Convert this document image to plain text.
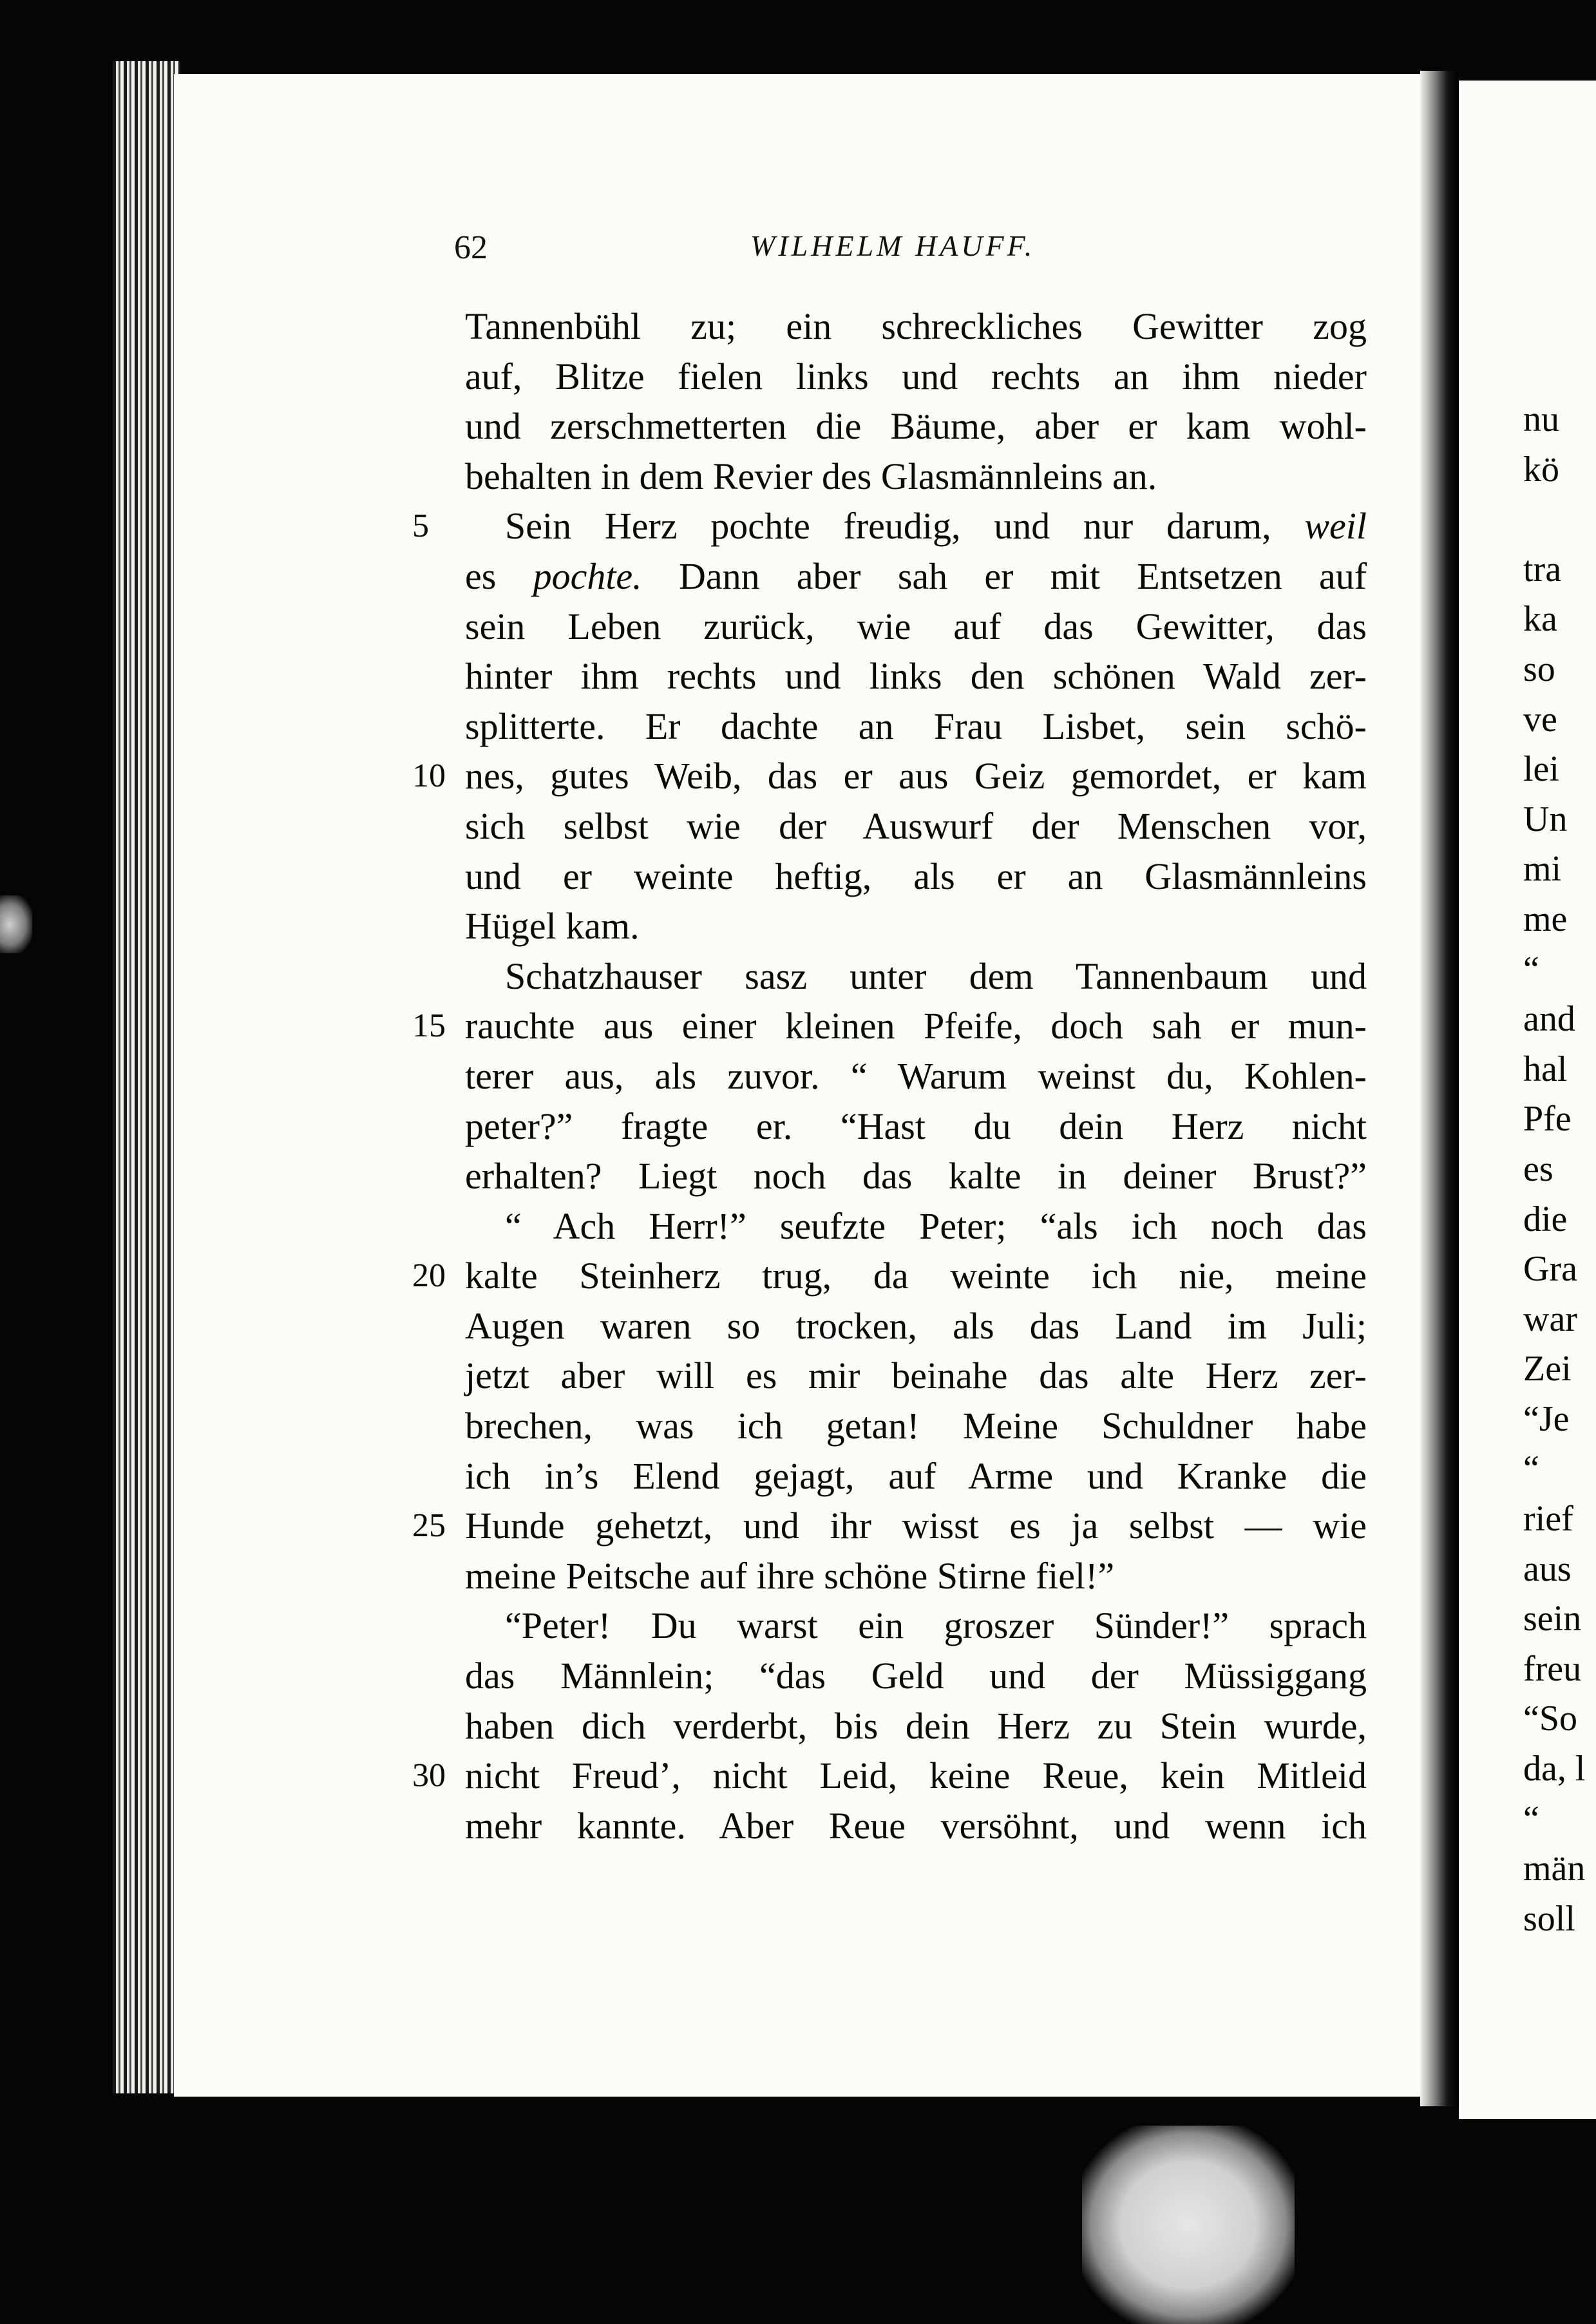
nu
kö
tra
ka
so
ve
lei
Un
mi
me
“
and
hal
Pfe
es
die
Gra
war
Zei
“Je
“
rief
aus
sein
freu
“So
da, l
“
män
soll
62	WILHELM HAUFF.
Tannenbühl zu; ein schreckliches Gewitter zog
auf, Blitze fielen links und rechts an ihm nieder
und zerschmetterten die Bäume, aber er kam wohl-
behalten in dem Revier des Glasmännleins an.
5	Sein Herz pochte freudig, und nur darum, weil
es pochte. Dann aber sah er mit Entsetzen auf
sein Leben zurück, wie auf das Gewitter, das
hinter ihm rechts und links den schönen Wald zer-
splitterte. Er dachte an Frau Lisbet, sein schö-
10 nes, gutes Weib, das er aus Geiz gemordet, er kam
sich selbst wie der Auswurf der Menschen vor,
und er weinte heftig, als er an Glasmännleins
Hügel kam.
Schatzhauser sasz unter dem Tannenbaum und
15 rauchte aus einer kleinen Pfeife, doch sah er mun-
terer aus, als zuvor. “ Warum weinst du, Kohlen-
peter?” fragte er. “Hast du dein Herz nicht
erhalten? Liegt noch das kalte in deiner Brust?”
“ Ach Herr!” seufzte Peter; “als ich noch das
20 kalte Steinherz trug, da weinte ich nie, meine
Augen waren so trocken, als das Land im Juli;
jetzt aber will es mir beinahe das alte Herz zer-
brechen, was ich getan! Meine Schuldner habe
ich in’s Elend gejagt, auf Arme und Kranke die
25 Hunde gehetzt, und ihr wisst es ja selbst — wie
meine Peitsche auf ihre schöne Stirne fiel!”
“Peter! Du warst ein groszer Sünder!” sprach
das Männlein; “das Geld und der Müssiggang
haben dich verderbt, bis dein Herz zu Stein wurde,
30 nicht Freud’, nicht Leid, keine Reue, kein Mitleid
mehr kannte. Aber Reue versöhnt, und wenn ich
